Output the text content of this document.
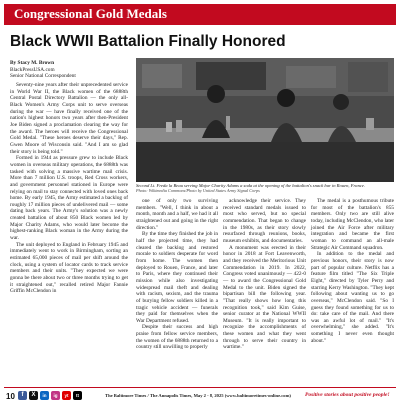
Congressional Gold Medals
Black WWII Battalion Finally Honored
By Stacy M. Brown
BlackPressUSA.com
Senior National Correspondent
Second Lt. Freda la Beau serving Major Charity Adams a soda at the opening of the battalion's snack bar in Rouen, France.
Photo: Wikimedia Commons/Photo by United States Army Signal Corps

Seventy-nine years after their unprecedented service in World War II, the Black women of the 6888th Central Postal Directory Battalion — the only all-Black Women's Army Corps unit to serve overseas during the war — have finally received one of the nation's highest honors two years after then-President Joe Biden signed a proclamation clearing the way for the award. The heroes will receive the Congressional Gold Medal. "These heroes deserve their days," Rep. Gwen Moore of Wisconsin said. "And I am so glad their story is being told."

Formed in 1944 as pressure grew to include Black women in overseas military operations, the 6888th was tasked with solving a massive wartime mail crisis. More than 7 million U.S. troops, Red Cross workers, and government personnel stationed in Europe were relying on mail to stay connected with loved ones back home. By early 1945, the Army estimated a backlog of roughly 17 million pieces of undelivered mail — some dating back years. The Army's solution was a newly created battalion of about 850 Black women led by Major Charity Adams, who would later become the highest-ranking Black woman in the Army during the war.

The unit deployed to England in February 1945 and immediately went to work in Birmingham, sorting an estimated 65,000 pieces of mail per shift around the clock, using a system of locator cards to track service members and their units. "They expected we were gonna be there about two or three months trying to get it straightened out," recalled retired Major Fannie Griffin McClendon in

one of only two surviving members. "Well, I think in about a month, month and a half, we had it all straightened out and going in the right direction."

By the time they finished the job in half the projected time, they had cleared the backlog and restored morale to soldiers desperate for word from home. The women then deployed to Rouen, France, and later to Paris, where they continued their mission while also investigating widespread mail theft and dealing with racism, sexism, and the trauma of burying fellow soldiers killed in a tragic vehicle accident — funerals they paid for themselves when the War Department refused.

Despite their success and high praise from fellow service members, the women of the 6888th returned to a country still unwilling to properly

acknowledge their service. They received standard medals issued to most who served, but no special commendation. That began to change in the 1980s, as their story slowly resurfaced through reunions, books, museum exhibits, and documentaries.

A monument was erected in their honor in 2018 at Fort Leavenworth, and they received the Meritorious Unit Commendation in 2019. In 2022, Congress voted unanimously — 422-0 — to award the Congressional Gold Medal to the unit. Biden signed the bipartisan bill the following year. "That really shows how long this recognition took," said Kim Guise, senior curator at the National WWII Museum. "It is really important to recognize the accomplishments of these women and what they went through to serve their country in wartime."

The medal is a posthumous tribute for most of the battalion's 855 members. Only two are still alive today, including McClendon, who later joined the Air Force after military integration and became the first woman to command an all-male Strategic Air Command squadron.

In addition to the medal and previous honors, their story is now part of popular culture. Netflix has a feature film titled "The Six Triple Eight," directed by Tyler Perry and starring Kerry Washington. "They kept following about wanting us to go overseas," McClendon said. "So I guess they found something for us to do: take care of the mail. And there was an awful lot of mail." "It's overwhelming," she added. "It's something I never even thought about."

10	f	X	in	ig	yt	tt	The Baltimore Times / The Annapolis Times, May 2 - 8, 2025 (www.baltimoretimes-online.com)	Positive stories about positive people!
